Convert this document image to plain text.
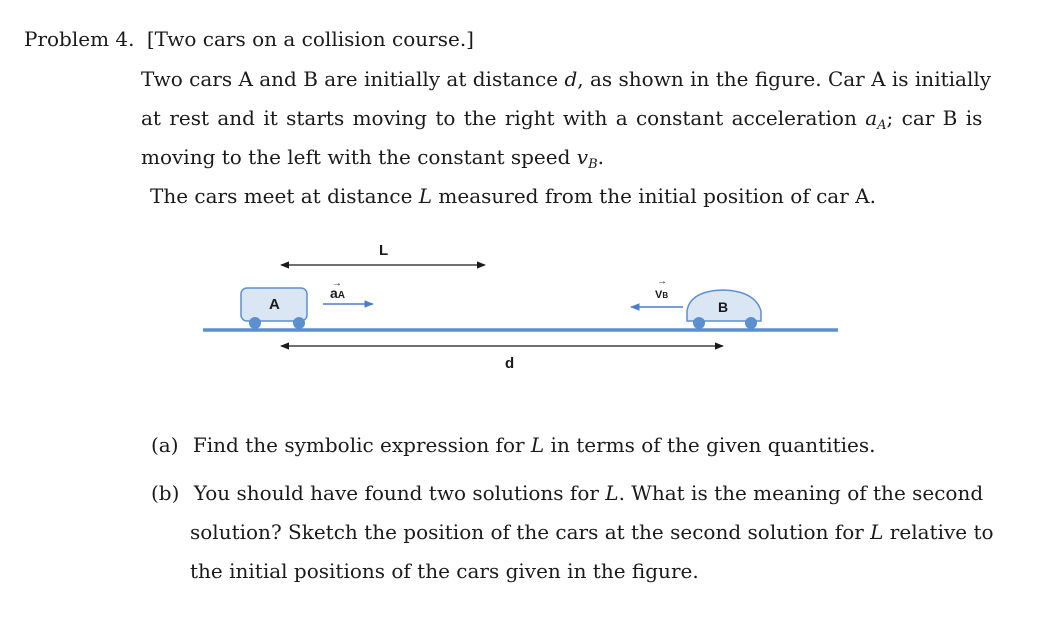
Problem 4. [Two cars on a collision course.]
Two cars A and B are initially at distance d, as shown in the figure. Car A is initially
at rest and it starts moving to the right with a constant acceleration $a_A$; car B is
moving to the left with the constant speed $v_B$.
The cars meet at distance L measured from the initial position of car A.
L
→
aA
→
VB
A	B
d
(a) Find the symbolic expression for L in terms of the given quantities.
(b) You should have found two solutions for L. What is the meaning of the second
solution? Sketch the position of the cars at the second solution for L relative to
the initial positions of the cars given in the figure.
